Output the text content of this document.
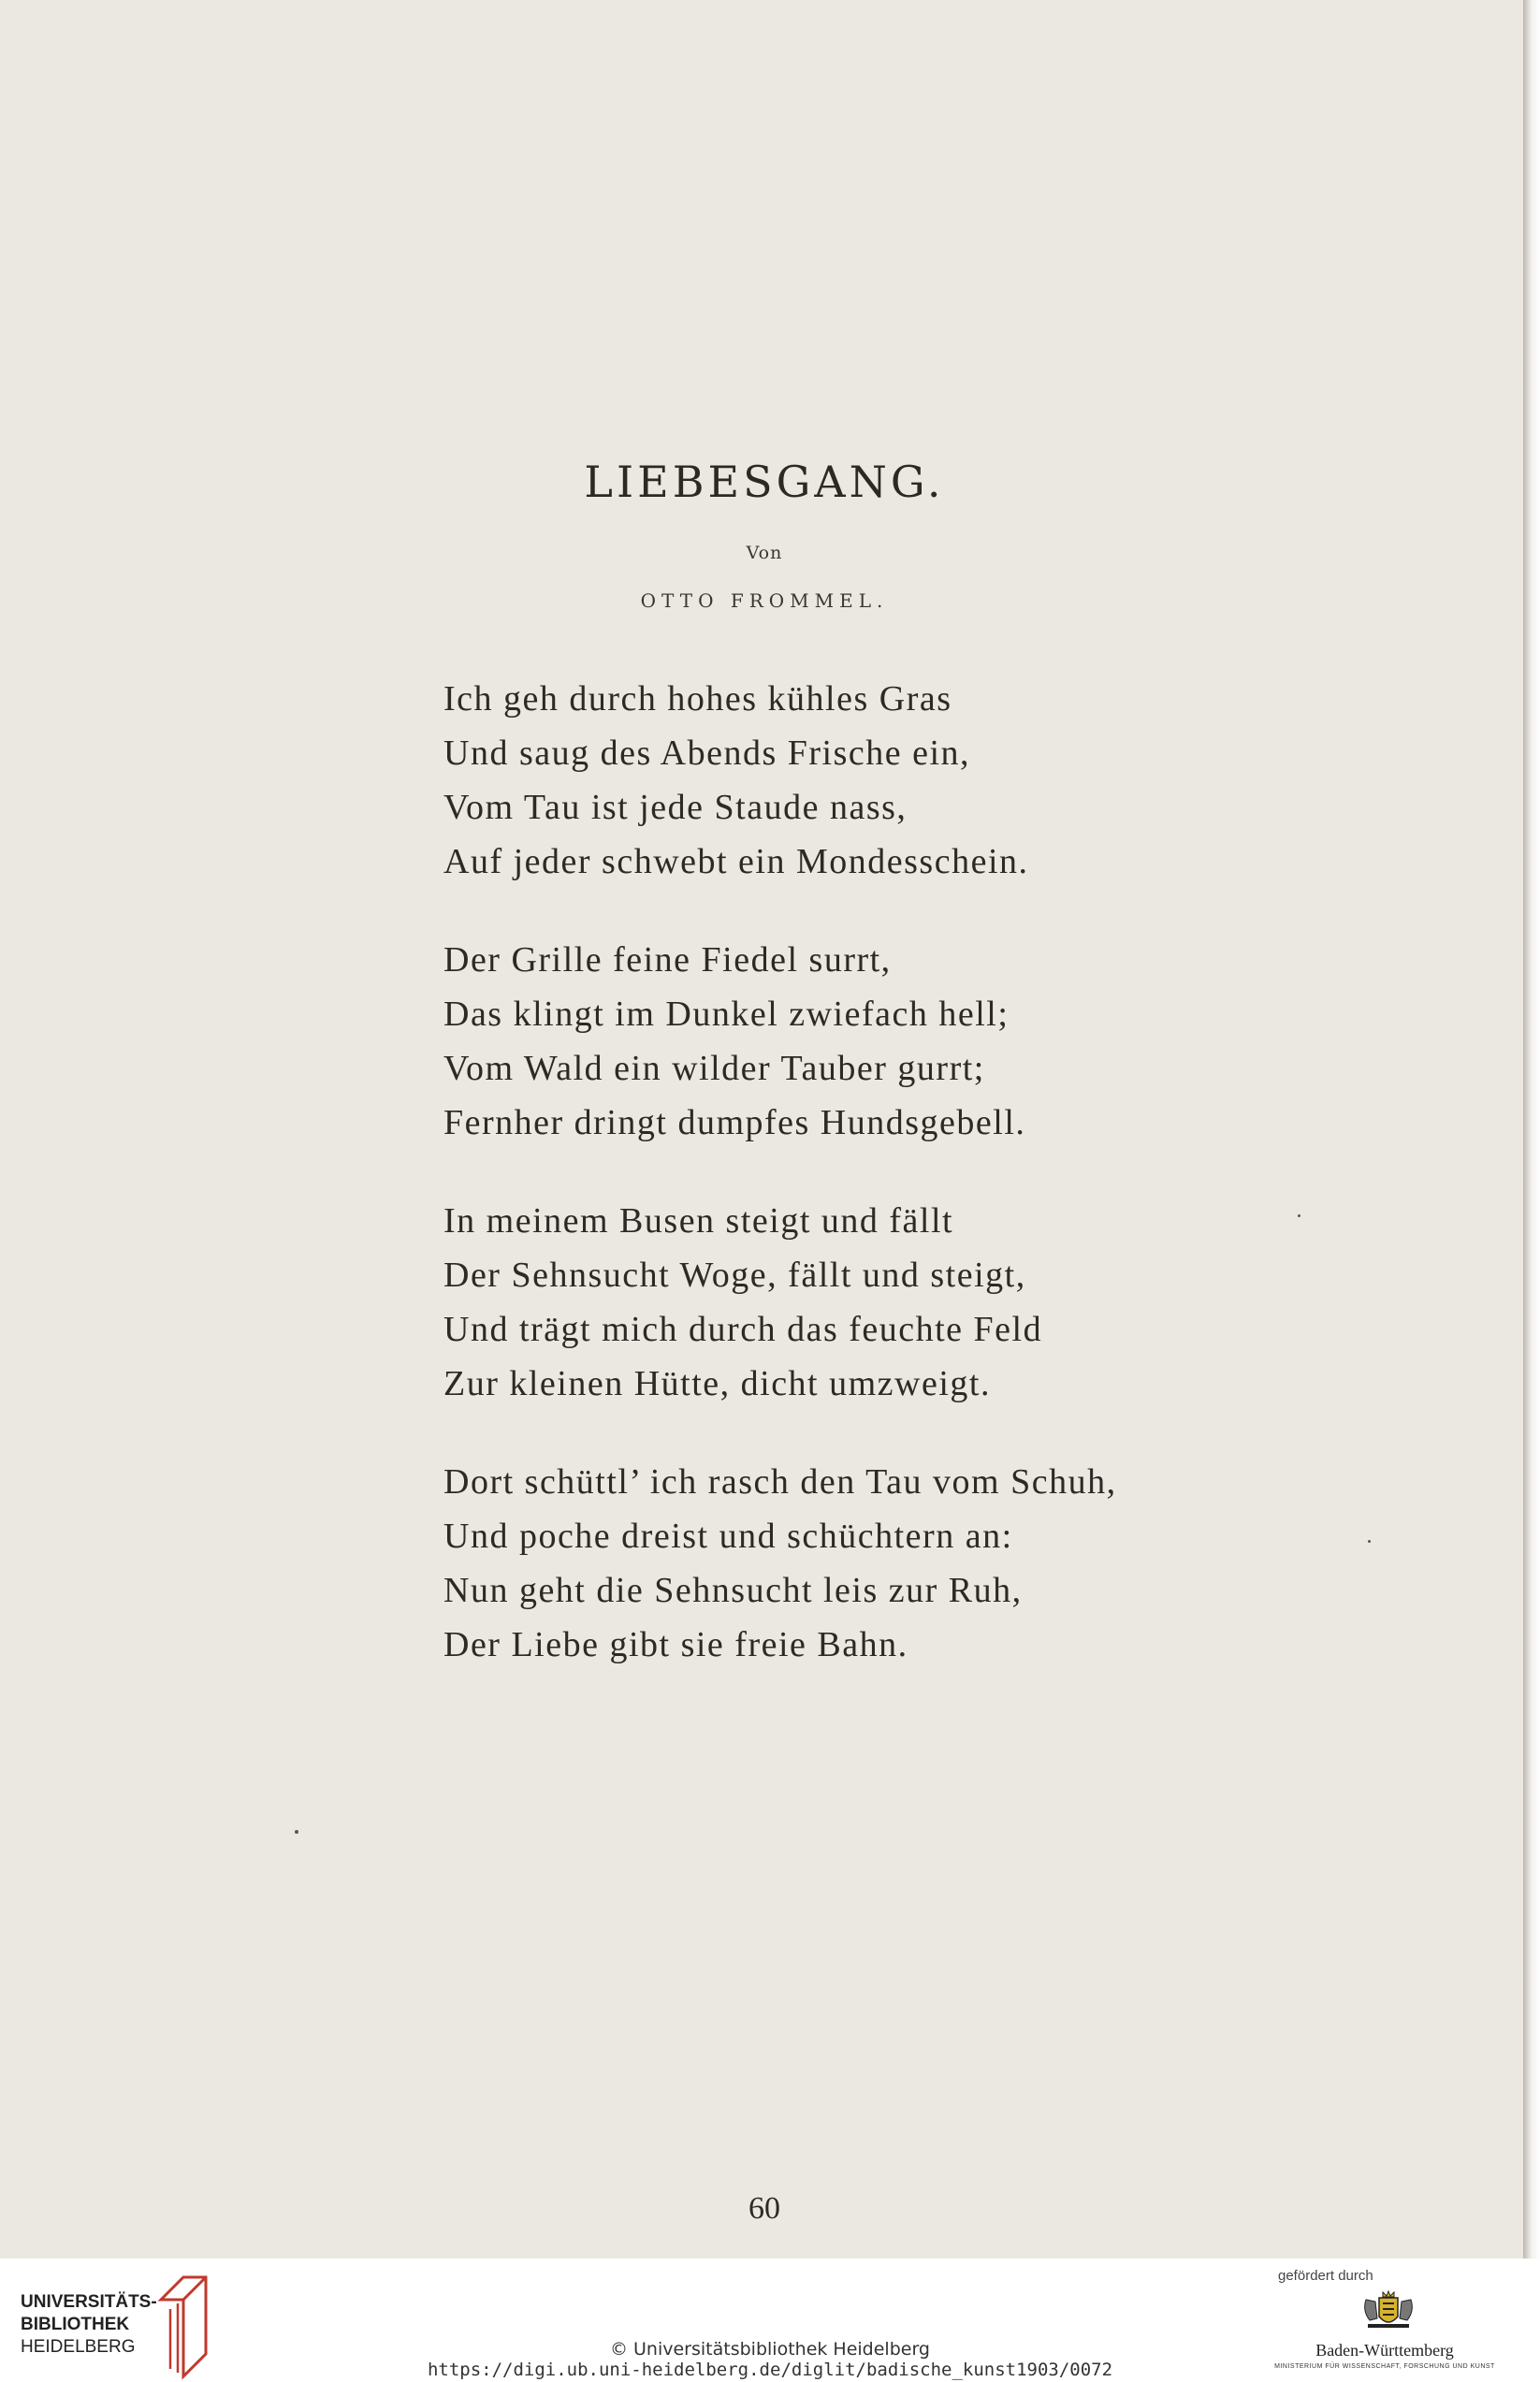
LIEBESGANG.
Von
OTTO FROMMEL.
Ich geh durch hohes kühles Gras
Und saug des Abends Frische ein,
Vom Tau ist jede Staude nass,
Auf jeder schwebt ein Mondesschein.
Der Grille feine Fiedel surrt,
Das klingt im Dunkel zwiefach hell;
Vom Wald ein wilder Tauber gurrt;
Fernher dringt dumpfes Hundsgebell.
In meinem Busen steigt und fällt
Der Sehnsucht Woge, fällt und steigt,
Und trägt mich durch das feuchte Feld
Zur kleinen Hütte, dicht umzweigt.
Dort schüttl’ ich rasch den Tau vom Schuh,
Und poche dreist und schüchtern an:
Nun geht die Sehnsucht leis zur Ruh,
Der Liebe gibt sie freie Bahn.
60
UNIVERSITÄTS-
BIBLIOTHEK
HEIDELBERG	© Universitätsbibliothek Heidelberg
https://digi.ub.uni-heidelberg.de/diglit/badische_kunst1903/0072
gefördert durch
Baden-Württemberg
MINISTERIUM FÜR WISSENSCHAFT, FORSCHUNG UND KUNST
